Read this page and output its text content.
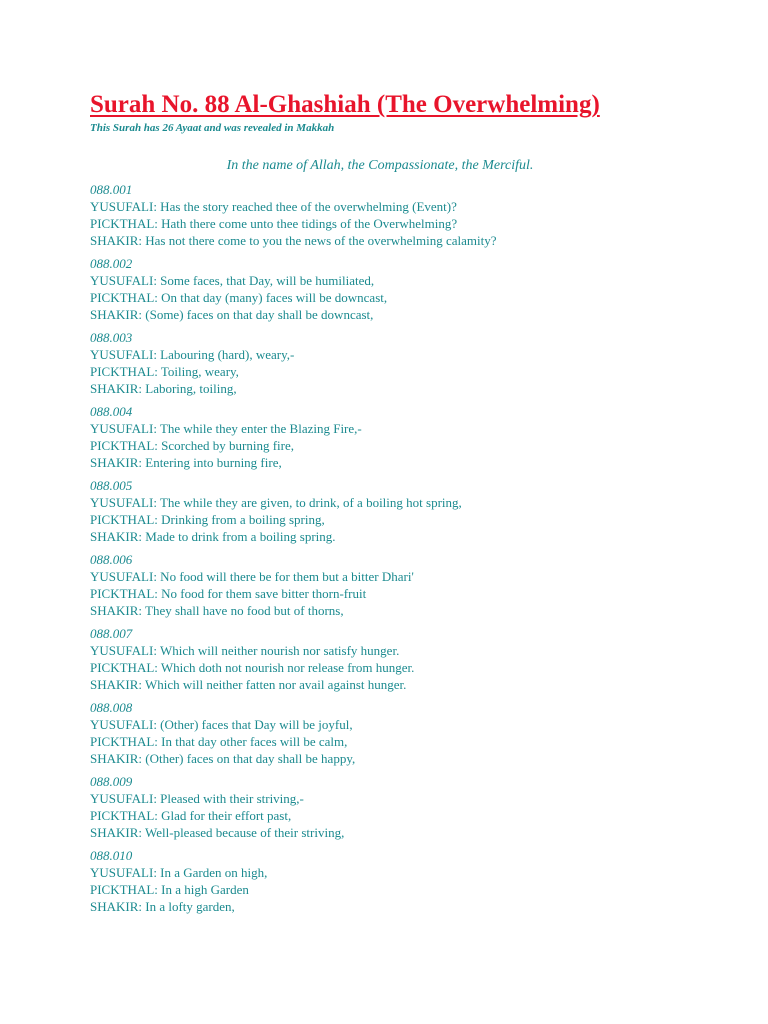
Surah No. 88 Al-Ghashiah (The Overwhelming)
This Surah has 26 Ayaat and was revealed in Makkah
In the name of Allah, the Compassionate, the Merciful.
088.001
YUSUFALI: Has the story reached thee of the overwhelming (Event)?
PICKTHAL: Hath there come unto thee tidings of the Overwhelming?
SHAKIR: Has not there come to you the news of the overwhelming calamity?
088.002
YUSUFALI: Some faces, that Day, will be humiliated,
PICKTHAL: On that day (many) faces will be downcast,
SHAKIR: (Some) faces on that day shall be downcast,
088.003
YUSUFALI: Labouring (hard), weary,-
PICKTHAL: Toiling, weary,
SHAKIR: Laboring, toiling,
088.004
YUSUFALI: The while they enter the Blazing Fire,-
PICKTHAL: Scorched by burning fire,
SHAKIR: Entering into burning fire,
088.005
YUSUFALI: The while they are given, to drink, of a boiling hot spring,
PICKTHAL: Drinking from a boiling spring,
SHAKIR: Made to drink from a boiling spring.
088.006
YUSUFALI: No food will there be for them but a bitter Dhari'
PICKTHAL: No food for them save bitter thorn-fruit
SHAKIR: They shall have no food but of thorns,
088.007
YUSUFALI: Which will neither nourish nor satisfy hunger.
PICKTHAL: Which doth not nourish nor release from hunger.
SHAKIR: Which will neither fatten nor avail against hunger.
088.008
YUSUFALI: (Other) faces that Day will be joyful,
PICKTHAL: In that day other faces will be calm,
SHAKIR: (Other) faces on that day shall be happy,
088.009
YUSUFALI: Pleased with their striving,-
PICKTHAL: Glad for their effort past,
SHAKIR: Well-pleased because of their striving,
088.010
YUSUFALI: In a Garden on high,
PICKTHAL: In a high Garden
SHAKIR: In a lofty garden,
